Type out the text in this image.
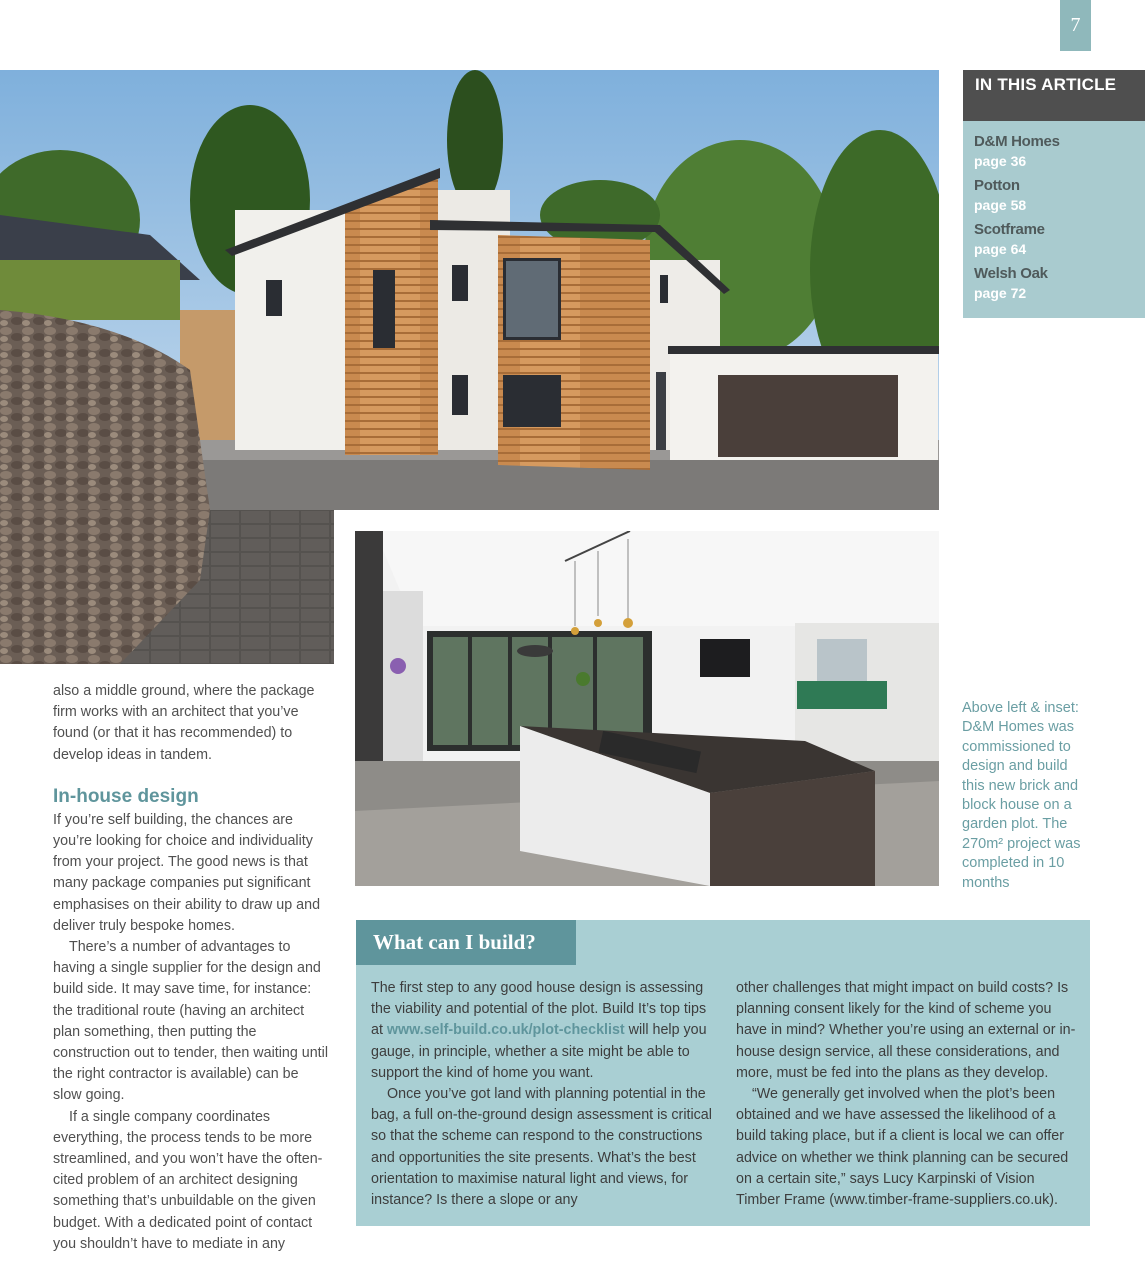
7
IN THIS ARTICLE
D&M Homes
page 36
Potton
page 58
Scotframe
page 64
Welsh Oak
page 72
Above left & inset: D&M Homes was commissioned to design and build this new brick and block house on a garden plot. The 270m² project was completed in 10 months

also a middle ground, where the package firm works with an architect that you’ve found (or that it has recommended) to develop ideas in tandem.

In-house design

If you’re self building, the chances are you’re looking for choice and individuality from your project. The good news is that many package companies put significant emphasises on their ability to draw up and deliver truly bespoke homes.

There’s a number of advantages to having a single supplier for the design and build side. It may save time, for instance: the traditional route (having an architect plan something, then putting the construction out to tender, then waiting until the right contractor is available) can be slow going.

If a single company coordinates everything, the process tends to be more streamlined, and you won’t have the often-cited problem of an architect designing something that’s unbuildable on the given budget. With a dedicated point of contact you shouldn’t have to mediate in any

What can I build?

The first step to any good house design is assessing the viability and potential of the plot. Build It’s top tips at www.self-build.co.uk/plot-checklist will help you gauge, in principle, whether a site might be able to support the kind of home you want.

Once you’ve got land with planning potential in the bag, a full on-the-ground design assessment is critical so that the scheme can respond to the constructions and opportunities the site presents. What’s the best orientation to maximise natural light and views, for instance? Is there a slope or any

other challenges that might impact on build costs? Is planning consent likely for the kind of scheme you have in mind? Whether you’re using an external or in-house design service, all these considerations, and more, must be fed into the plans as they develop.

“We generally get involved when the plot’s been obtained and we have assessed the likelihood of a build taking place, but if a client is local we can offer advice on whether we think planning can be secured on a certain site,” says Lucy Karpinski of Vision Timber Frame (www.timber-frame-suppliers.co.uk).
